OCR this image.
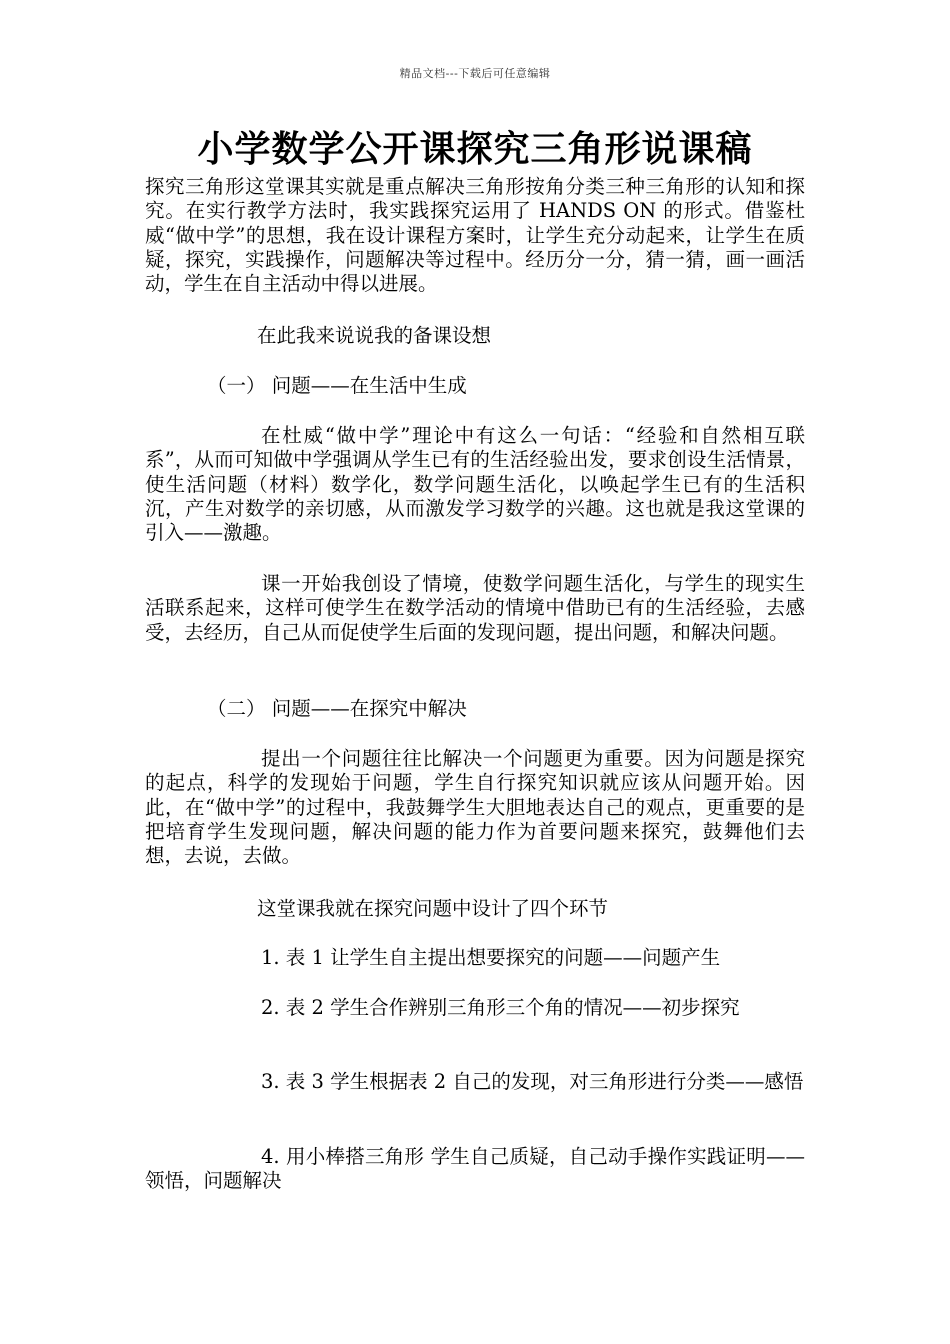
精品文档---下载后可任意编辑
小学数学公开课探究三角形说课稿

探究三角形这堂课其实就是重点解决三角形按角分类三种三角形的认知和探究。在实行教学方法时，我实践探究运用了 HANDS ON 的形式。借鉴杜威“做中学”的思想，我在设计课程方案时，让学生充分动起来，让学生在质疑，探究，实践操作，问题解决等过程中。经历分一分，猜一猜，画一画活动，学生在自主活动中得以进展。

在此我来说说我的备课设想

（一） 问题——在生活中生成

在杜威“做中学”理论中有这么一句话：“经验和自然相互联系”，从而可知做中学强调从学生已有的生活经验出发，要求创设生活情景，使生活问题（材料）数学化，数学问题生活化，以唤起学生已有的生活积沉，产生对数学的亲切感，从而激发学习数学的兴趣。这也就是我这堂课的引入——激趣。

课一开始我创设了情境，使数学问题生活化，与学生的现实生活联系起来，这样可使学生在数学活动的情境中借助已有的生活经验，去感受，去经历，自己从而促使学生后面的发现问题，提出问题，和解决问题。

（二） 问题——在探究中解决

提出一个问题往往比解决一个问题更为重要。因为问题是探究的起点，科学的发现始于问题，学生自行探究知识就应该从问题开始。因此，在“做中学”的过程中，我鼓舞学生大胆地表达自己的观点，更重要的是把培育学生发现问题，解决问题的能力作为首要问题来探究，鼓舞他们去想，去说，去做。

这堂课我就在探究问题中设计了四个环节

1. 表 1 让学生自主提出想要探究的问题——问题产生

2. 表 2 学生合作辨别三角形三个角的情况——初步探究

3. 表 3 学生根据表 2 自己的发现，对三角形进行分类——感悟

4. 用小棒搭三角形 学生自己质疑，自己动手操作实践证明——领悟，问题解决
